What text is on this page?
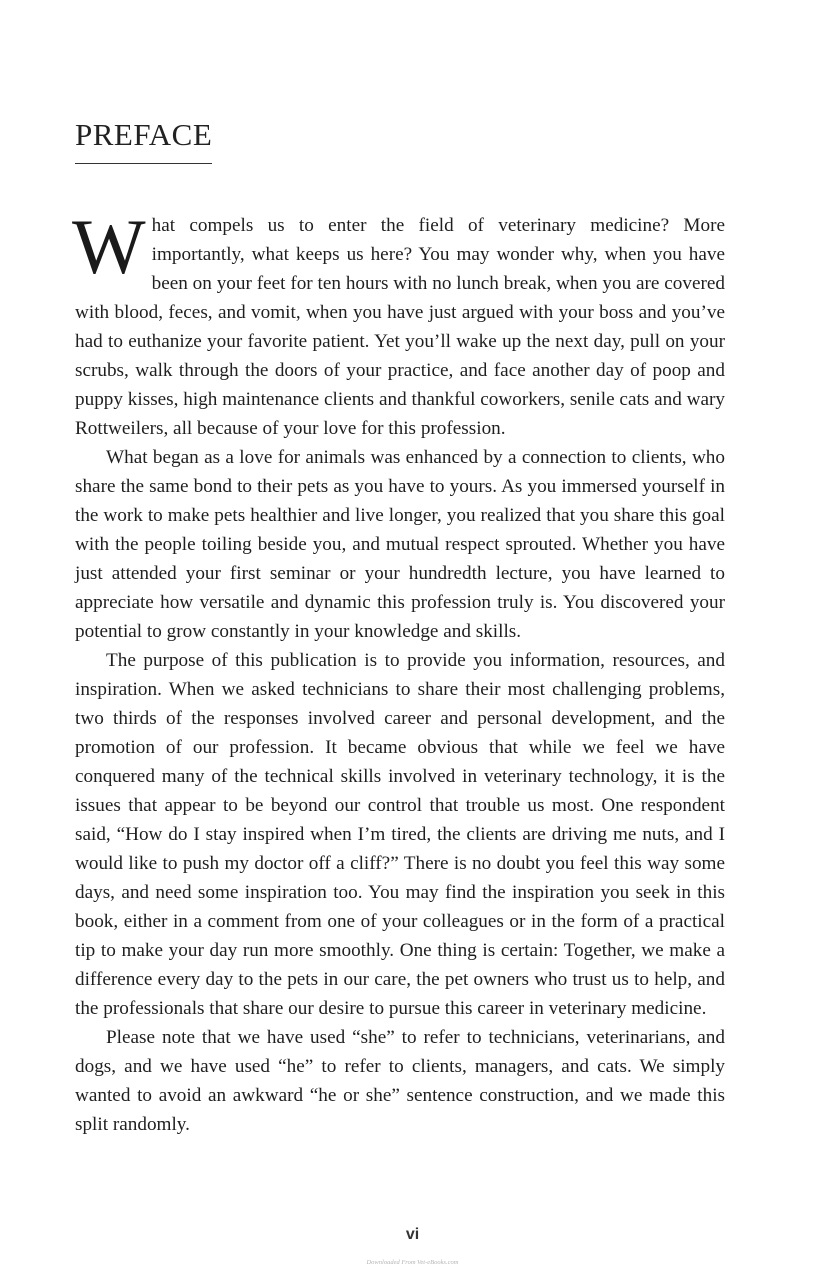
PREFACE

What compels us to enter the field of veterinary medicine? More importantly, what keeps us here? You may wonder why, when you have been on your feet for ten hours with no lunch break, when you are covered with blood, feces, and vomit, when you have just argued with your boss and you’ve had to euthanize your favorite patient. Yet you’ll wake up the next day, pull on your scrubs, walk through the doors of your practice, and face another day of poop and puppy kisses, high maintenance clients and thankful coworkers, senile cats and wary Rottweilers, all because of your love for this profession.

What began as a love for animals was enhanced by a connection to clients, who share the same bond to their pets as you have to yours. As you immersed yourself in the work to make pets healthier and live longer, you realized that you share this goal with the people toiling beside you, and mutual respect sprouted. Whether you have just attended your first seminar or your hundredth lecture, you have learned to appreciate how versatile and dynamic this profession truly is. You discovered your potential to grow constantly in your knowledge and skills.

The purpose of this publication is to provide you information, resources, and inspiration. When we asked technicians to share their most challenging problems, two thirds of the responses involved career and personal development, and the promotion of our profession. It became obvious that while we feel we have conquered many of the technical skills involved in veterinary technology, it is the issues that appear to be beyond our control that trouble us most. One respondent said, “How do I stay inspired when I’m tired, the clients are driving me nuts, and I would like to push my doctor off a cliff?” There is no doubt you feel this way some days, and need some inspiration too. You may find the inspiration you seek in this book, either in a comment from one of your colleagues or in the form of a practical tip to make your day run more smoothly. One thing is certain: Together, we make a difference every day to the pets in our care, the pet owners who trust us to help, and the professionals that share our desire to pursue this career in veterinary medicine.

Please note that we have used “she” to refer to technicians, veterinarians, and dogs, and we have used “he” to refer to clients, managers, and cats. We simply wanted to avoid an awkward “he or she” sentence construction, and we made this split randomly.

vi
Downloaded From Vet-eBooks.com
